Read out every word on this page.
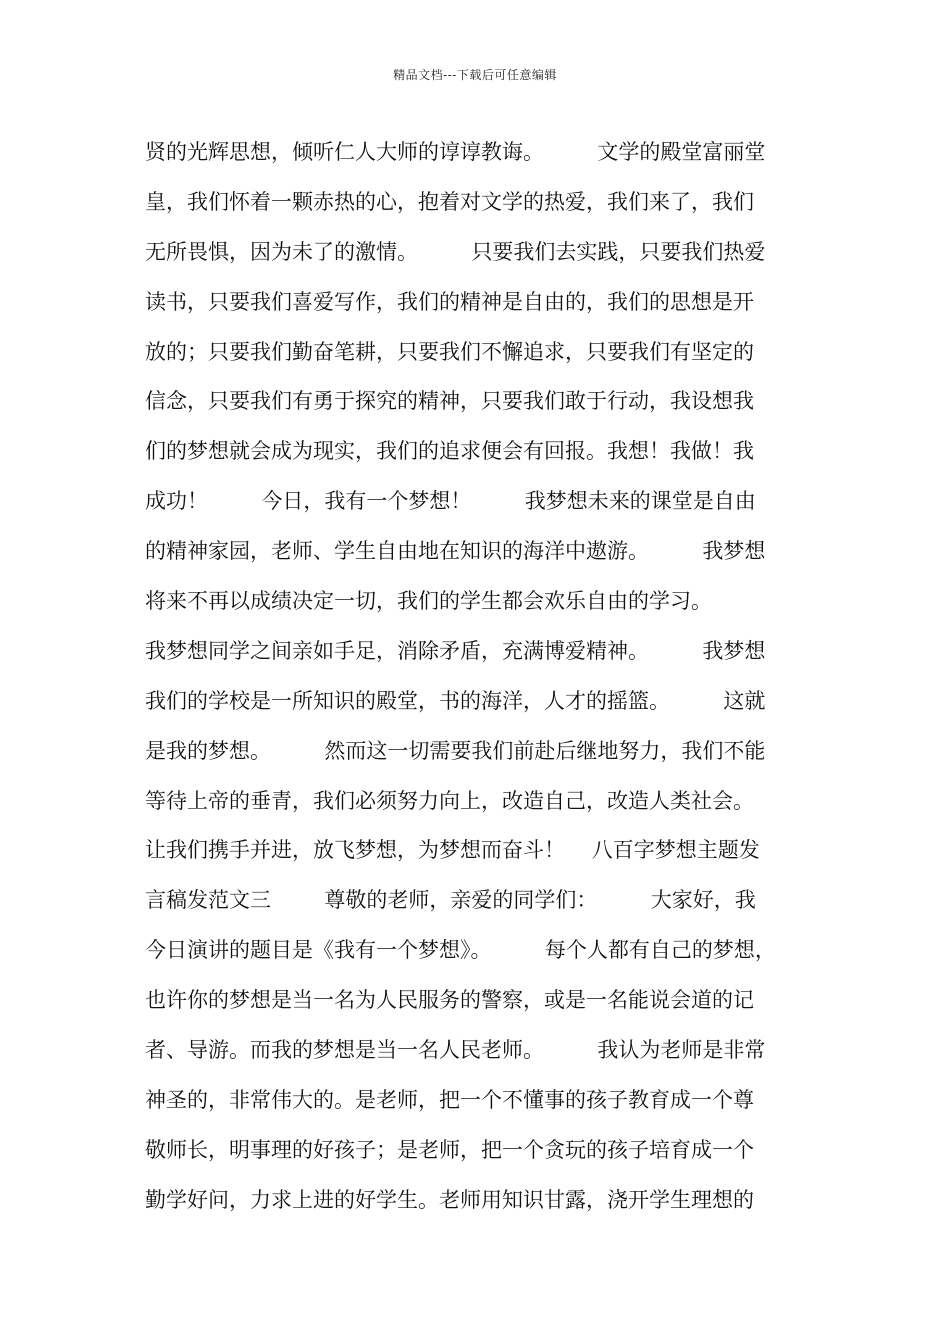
精品文档---下载后可任意编辑
贤的光辉思想，倾听仁人大师的谆谆教诲。        文学的殿堂富丽堂
皇，我们怀着一颗赤热的心，抱着对文学的热爱，我们来了，我们
无所畏惧，因为未了的激情。        只要我们去实践，只要我们热爱
读书，只要我们喜爱写作，我们的精神是自由的，我们的思想是开
放的；只要我们勤奋笔耕，只要我们不懈追求，只要我们有坚定的
信念，只要我们有勇于探究的精神，只要我们敢于行动，我设想我
们的梦想就会成为现实，我们的追求便会有回报。我想！我做！我
成功！        今日，我有一个梦想！        我梦想未来的课堂是自由
的精神家园，老师、学生自由地在知识的海洋中遨游。        我梦想
将来不再以成绩决定一切，我们的学生都会欢乐自由的学习。
我梦想同学之间亲如手足，消除矛盾，充满博爱精神。        我梦想
我们的学校是一所知识的殿堂，书的海洋，人才的摇篮。        这就
是我的梦想。        然而这一切需要我们前赴后继地努力，我们不能
等待上帝的垂青，我们必须努力向上，改造自己，改造人类社会。
让我们携手并进，放飞梦想，为梦想而奋斗！    八百字梦想主题发
言稿发范文三        尊敬的老师，亲爱的同学们：        大家好，我
今日演讲的题目是《我有一个梦想》。        每个人都有自己的梦想，
也许你的梦想是当一名为人民服务的警察，或是一名能说会道的记
者、导游。而我的梦想是当一名人民老师。        我认为老师是非常
神圣的，非常伟大的。是老师，把一个不懂事的孩子教育成一个尊
敬师长，明事理的好孩子；是老师，把一个贪玩的孩子培育成一个
勤学好问，力求上进的好学生。老师用知识甘露，浇开学生理想的
